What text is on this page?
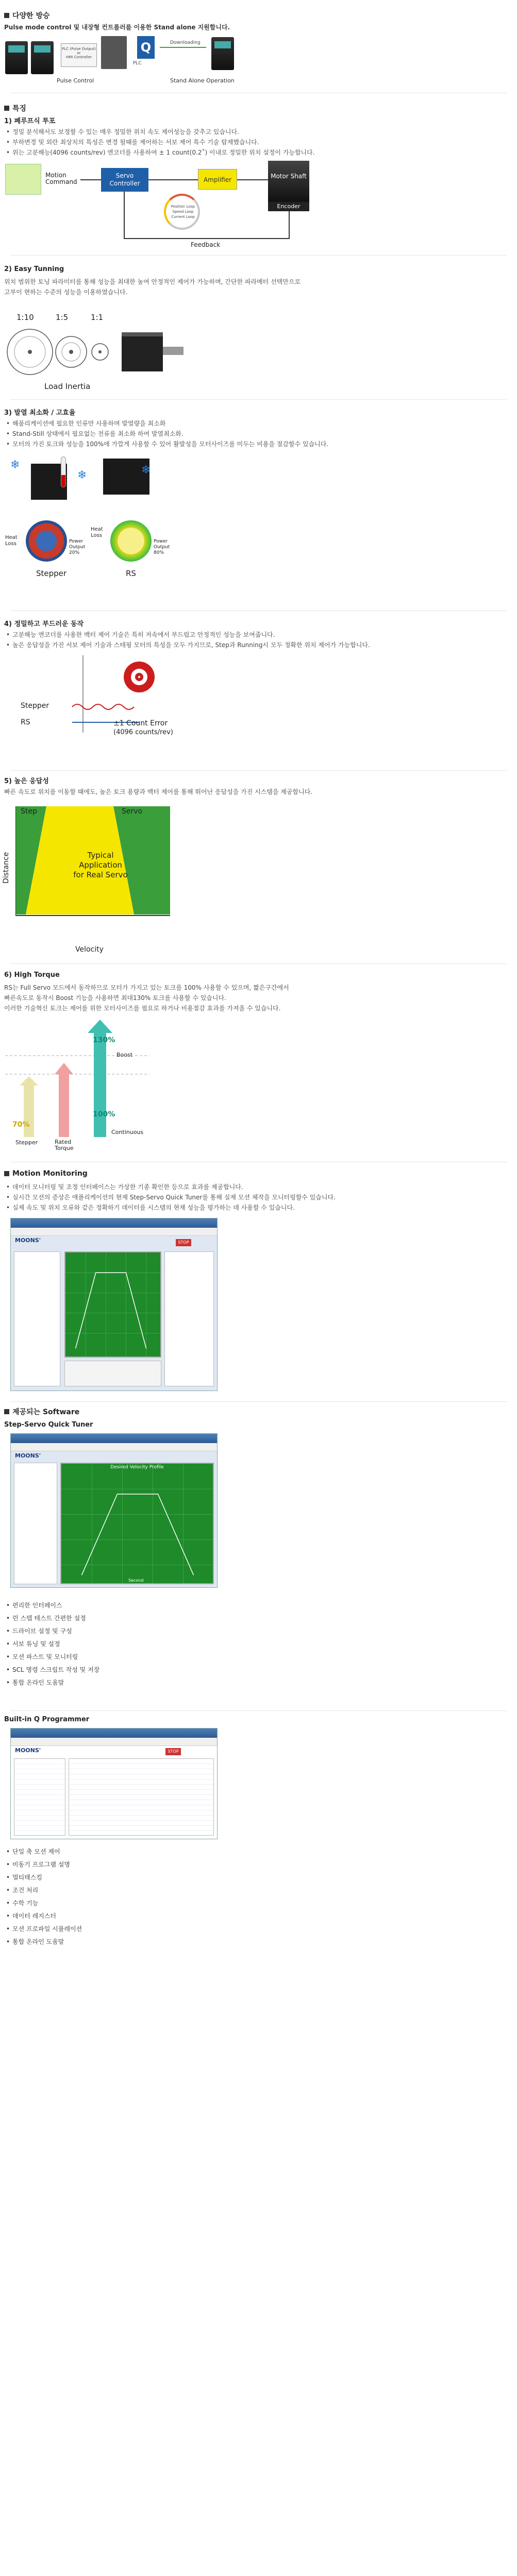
다양한 방승
Pulse mode control 및 내장형 컨트롤러를 이용한 Stand alone 지원합니다.
PLC (Pulse Output)
or
HMI Controller
Pulse Control
Q
PLC
Downloading
Stand Alone Operation
특징
1) 폐루프식 투포
• 정밀 분석해서도 보정할 수 있는 매우 정밀한 위치 속도 제어성능을 갖추고 있습니다.
• 부하변경 및 외란 최상치의 특성은 변경 될때를 제어하는 서보 제어 특수 기술 탑재했습니다.
• 위는 고분해능(4096 counts/rev) 엔코더를 사용하여 ± 1 count(0.2˚) 이내로 정밀한 위치 설정이 가능합니다.
Motion Command
Servo Controller	Amplifier	Motor Shaft
Encoder
Position Loop
Speed Loop
Current Loop
Feedback
2) Easy Tunning
위치 범위한 토닝 파라미터를 통해 성능을 최대한 높여 안정적인 제어가 가능하며, 간단한 파라메터 선택만으로
고부이 현하는 수준의 성능을 이용하였습니다.
1:10	1:5	1:1
Load Inertia
3) 발열 최소화 / 고효율
• 해품리케이션에 필요한 인류만 사용하며 발열량을 최소화
• Stand-Still 상태에서 필요없는 전류를 최소화 하여 발열최소화.
• 모터의 가진 토크와 성능을 100%에 가깝게 사용할 수 있어 활발성을 모터사이즈를 미두는 비용을 절감할수 있습니다.
❄
❄	❄
Heat Loss	Power Output 20%
Heat Loss
Power Output 80%
Stepper	RS
4) 정밀하고 부드러운 동작
• 고분해능 엔코더를 사용한 백터 제어 기술은 특히 저속에서 부드럽고 안정적인 성능을 보여줍니다.
• 높은 응답성을 가진 서보 제어 기술과 스테핑 모터의 특성을 모두 가지므로, Step과 Running시 모두 정확한 위치 제어가 가능합니다.
Stepper
RS	±1 Count Error
(4096 counts/rev)
5) 높은 응답성
빠른 속도로 위치를 이동할 때에도, 높은 토크 용량과 백터 제어를 통해 뛰어난 응답성을 가진 시스템을 제공합니다.
Step	Servo
Typical
Application
for Real Servo
Distance
Velocity
6) High Torque
RS는 Full Servo 모드에서 동작하므로 모터가 가지고 있는 토크를 100% 사용할 수 있으며, 짧은구간에서
빠른속도로 동작시 Boost 기능을 사용하면 최대130% 토크를 사용할 수 있습니다.
이러한 기술혁신 토크는 제어를 위한 모터사이즈를 필요로 하거나 비용절감 효과를 가져올 수 있습니다.
70%
100%
130%
Boost
Stepper	Rated Torque
Continuous
Motion Monitoring
• 데이터 모니터링 및 조정 인터페이스는 가상한 기종 확인한 등으로 효과를 제공합니다.
• 실시간 모션의 증상은 애플리케이션의 현재 Step-Servo Quick Tuner를 통해 실제 모션 체작을 모니터링할수 있습니다.
• 실제 속도 및 위치 오류와 같은 정확하기 데이터를 시스템의 현재 성능을 평가하는 데 사용할 수 있습니다.
MOONS'	STOP
제공되는 Software
Step-Servo Quick Tuner
MOONS'
Desired Velocity Profile
Second
• 편리한 인터페이스
• 런 스텝 테스트 간편한 설정
• 드라이브 설정 및 구성
• 서보 튜닝 및 설정
• 모션 파스트 및 모니터링
• SCL 명령 스크립트 작성 및 저장
• 통합 온라인 도움말
Built-in Q Programmer
MOONS'	STOP
• 단일 축 모션 제어
• 비동기 프로그램 설명
• 멀티태스킹
• 조건 처리
• 수학 기능
• 데이터 레지스터
• 모션 프로파일 시뮬레이션
• 통합 온라인 도움말
